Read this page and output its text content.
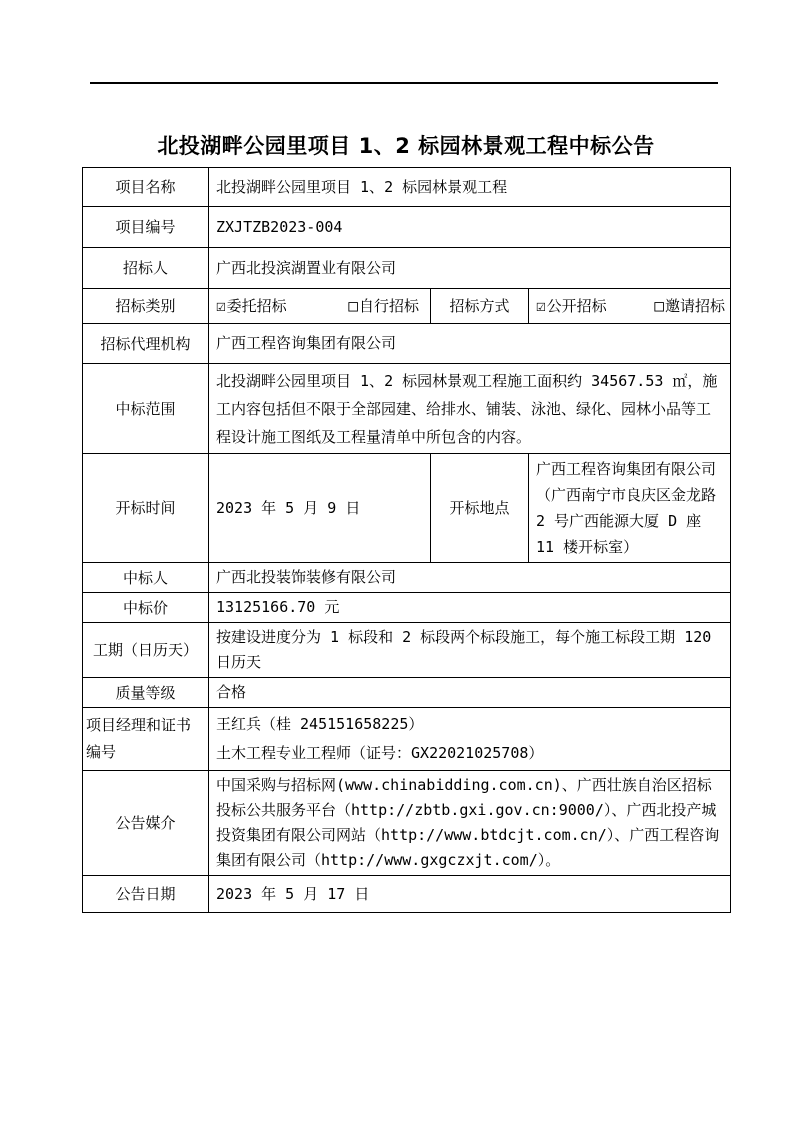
北投湖畔公园里项目 1、2 标园林景观工程中标公告
项目名称	北投湖畔公园里项目 1、2 标园林景观工程		
项目编号	ZXJTZB2023-004		
招标人	广西北投滨湖置业有限公司		
招标类别	☑委托招标 □自行招标	招标方式	☑公开招标 □邀请招标

招标代理机构	广西工程咨询集团有限公司		
中标范围	北投湖畔公园里项目 1、2 标园林景观工程施工面积约 34567.53 ㎡，施工内容包括但不限于全部园建、给排水、铺装、泳池、绿化、园林小品等工程设计施工图纸及工程量清单中所包含的内容。		
开标时间	2023 年 5 月 9 日	开标地点	广西工程咨询集团有限公司（广西南宁市良庆区金龙路 2 号广西能源大厦 D 座 11 楼开标室）
中标人	广西北投装饰装修有限公司		
中标价	13125166.70 元		
工期（日历天）	按建设进度分为 1 标段和 2 标段两个标段施工，每个施工标段工期 120 日历天		
质量等级	合格		
项目经理和证书编号	王红兵（桂 245151658225）
土木工程专业工程师（证号：GX22021025708）		

公告媒介	中国采购与招标网(www.chinabidding.com.cn)、广西壮族自治区招标投标公共服务平台（http://zbtb.gxi.gov.cn:9000/）、广西北投产城投资集团有限公司网站（http://www.btdcjt.com.cn/）、广西工程咨询集团有限公司（http://www.gxgczxjt.com/）。		
公告日期	2023 年 5 月 17 日		
